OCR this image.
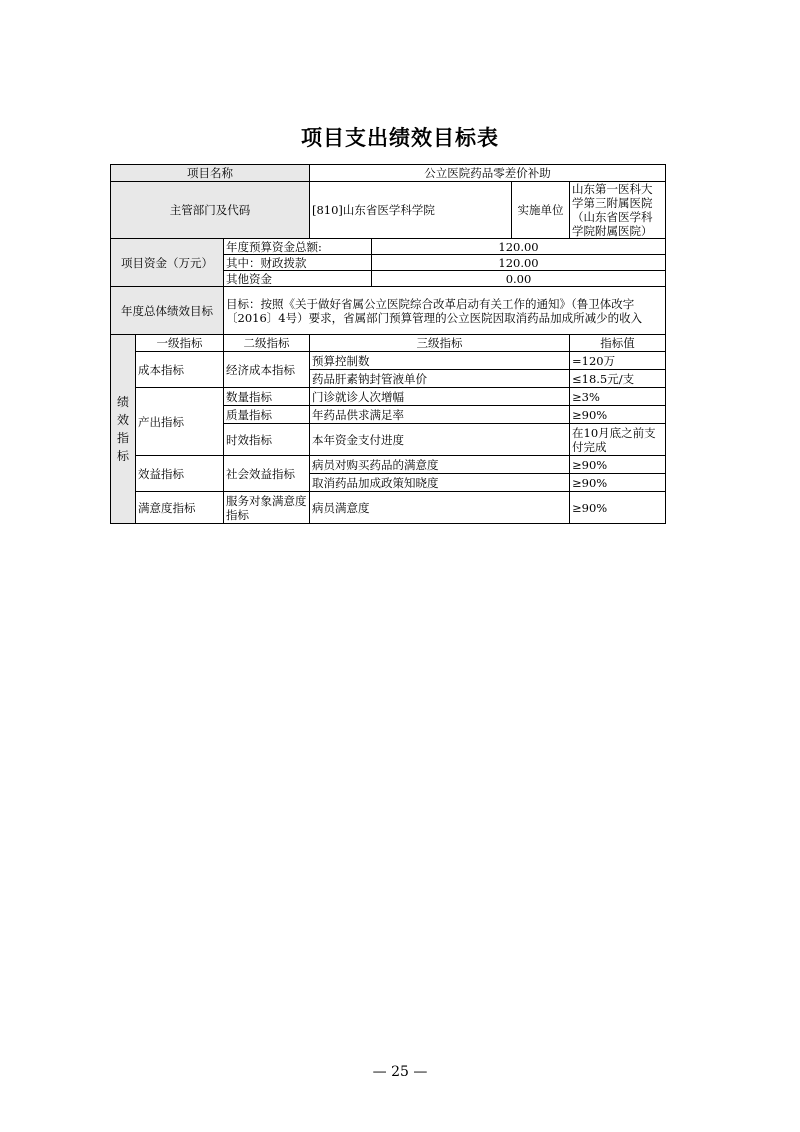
项目支出绩效目标表
项目名称			公立医院药品零差价补助			
主管部门及代码			[810]山东省医学科学院		实施单位	山东第一医科大学第三附属医院（山东省医学科学院附属医院）
项目资金（万元）		年度预算资金总额:		120.00		
		其中：财政拨款		120.00		
		其他资金		0.00		
年度总体绩效目标		目标：按照《关于做好省属公立医院综合改革启动有关工作的通知》（鲁卫体改字〔2016〕4号）要求，省属部门预算管理的公立医院因取消药品加成所减少的收入				
绩
效
指
标	一级指标	二级指标	三级指标			指标值
	成本指标	经济成本指标	预算控制数			=120万
			药品肝素钠封管液单价			≤18.5元/支
	产出指标	数量指标	门诊就诊人次增幅			≥3%
		质量指标	年药品供求满足率			≥90%
		时效指标	本年资金支付进度			在10月底之前支付完成
	效益指标	社会效益指标	病员对购买药品的满意度			≥90%
			取消药品加成政策知晓度			≥90%
	满意度指标	服务对象满意度指标	病员满意度			≥90%
— 25 —
